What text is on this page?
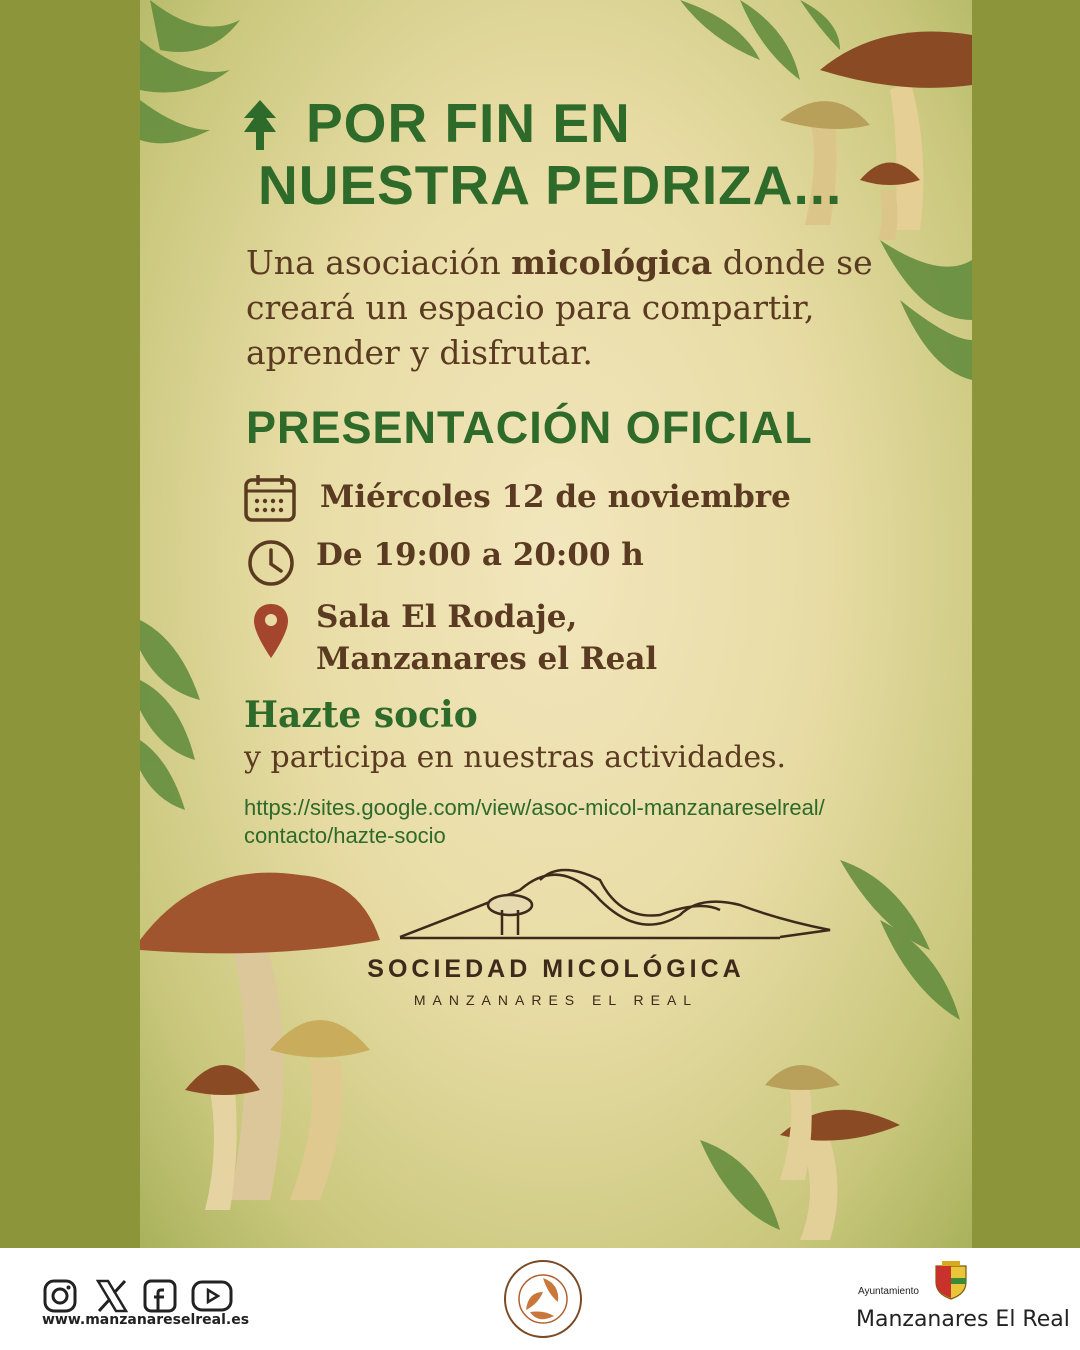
POR FIN EN
NUESTRA PEDRIZA...
Una asociación micológica donde se creará un espacio para compartir, aprender y disfrutar.
PRESENTACIÓN OFICIAL
Miércoles 12 de noviembre
De 19:00 a 20:00 h
Sala El Rodaje,
Manzanares el Real
Hazte socio
y participa en nuestras actividades.
https://sites.google.com/view/asoc-micol-manzanareselreal/
contacto/hazte-socio
SOCIEDAD MICOLÓGICA
MANZANARES EL REAL
www.manzanareselreal.es
Ayuntamiento
Manzanares El Real
